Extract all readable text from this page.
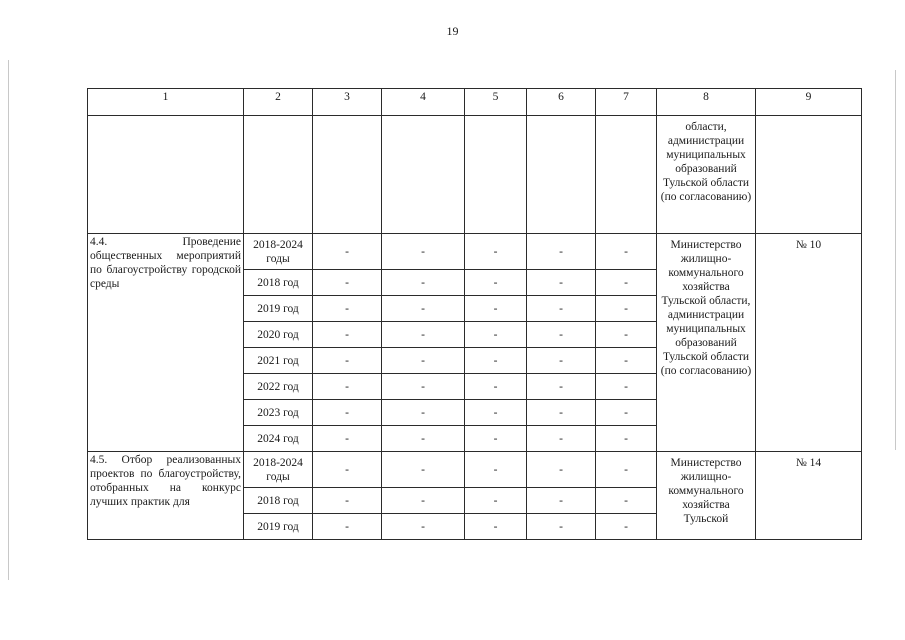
19
1	2	3	4	5	6	7	8	9
							области, администрации муниципальных образований Тульской области (по согласованию)	
4.4. Проведение общественных мероприятий по благоустройству городской среды	2018-2024 годы	-	-	-	-	-	Министерство жилищно-коммунального хозяйства Тульской области, администрации муниципальных образований Тульской области (по согласованию)	№ 10
	2018 год	-	-	-	-	-		
	2019 год	-	-	-	-	-		
	2020 год	-	-	-	-	-		
	2021 год	-	-	-	-	-		
	2022 год	-	-	-	-	-		
	2023 год	-	-	-	-	-		
	2024 год	-	-	-	-	-		
4.5. Отбор реализованных проектов по благоустройству, отобранных на конкурс лучших практик для	2018-2024 годы	-	-	-	-	-	Министерство жилищно-коммунального хозяйства Тульской	№ 14
	2018 год	-	-	-	-	-		
	2019 год	-	-	-	-	-		
